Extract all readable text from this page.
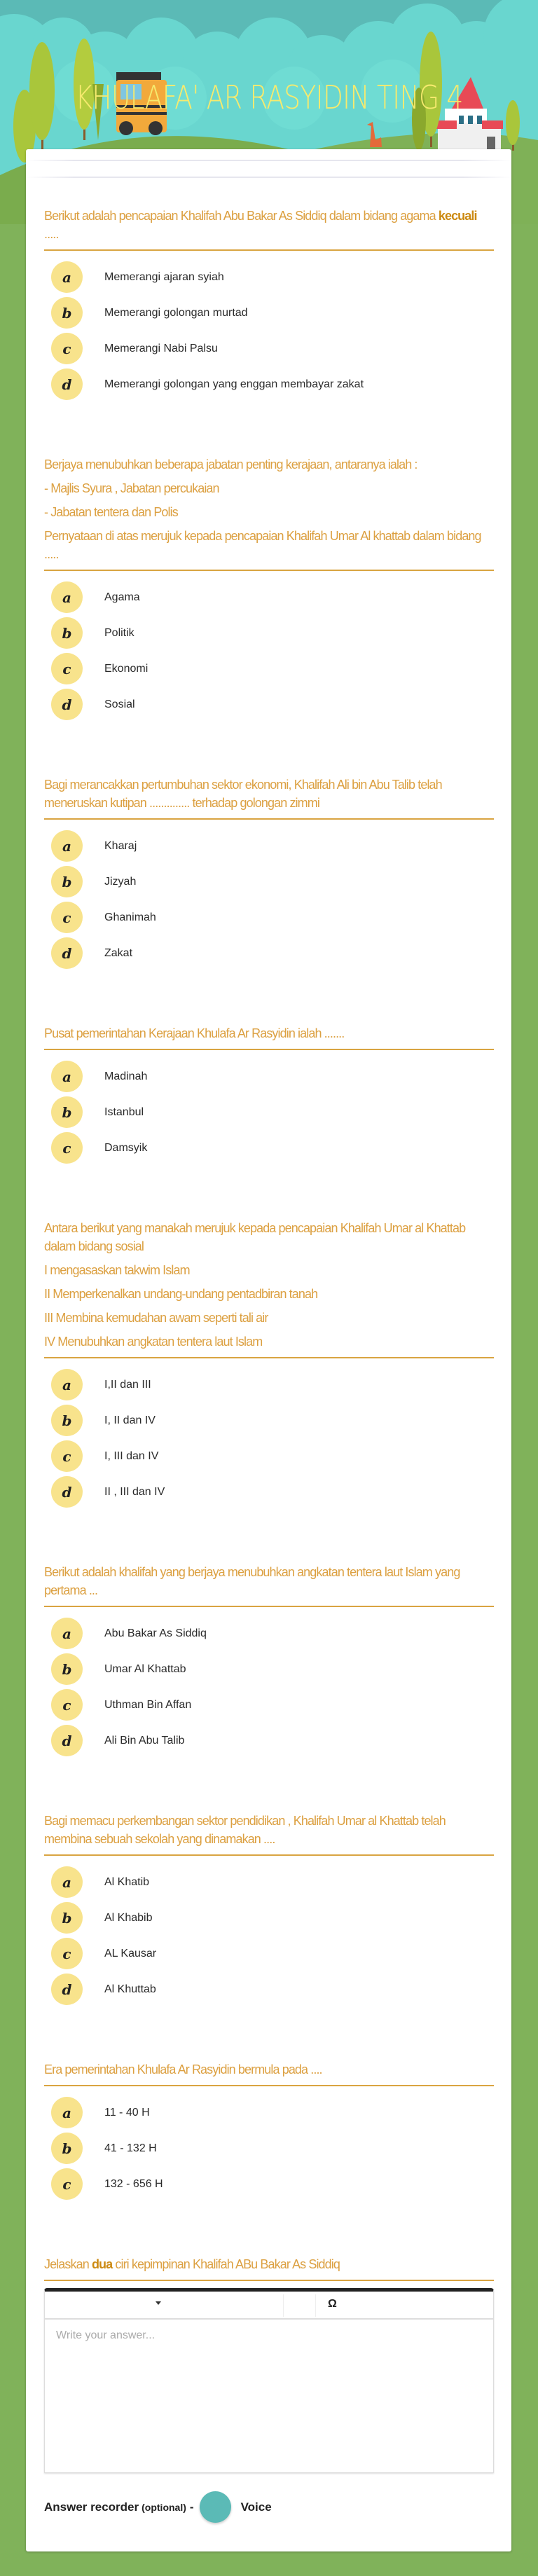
KHULAFA' AR RASYIDIN TING 4

Berikut adalah pencapaian Khalifah Abu Bakar As Siddiq dalam bidang agama kecuali .....

a	Memerangi ajaran syiah
b	Memerangi golongan murtad
c	Memerangi Nabi Palsu
d	Memerangi golongan yang enggan membayar zakat

Berjaya menubuhkan beberapa jabatan penting kerajaan, antaranya ialah :

- Majlis Syura , Jabatan percukaian

- Jabatan tentera dan Polis

Pernyataan di atas merujuk kepada pencapaian Khalifah Umar Al khattab dalam bidang .....

a	Agama
b	Politik
c	Ekonomi
d	Sosial

Bagi merancakkan pertumbuhan sektor ekonomi, Khalifah Ali bin Abu Talib telah meneruskan kutipan .............. terhadap golongan zimmi

a	Kharaj
b	Jizyah
c	Ghanimah
d	Zakat

Pusat pemerintahan Kerajaan Khulafa Ar Rasyidin ialah .......

a	Madinah
b	Istanbul
c	Damsyik

Antara berikut yang manakah merujuk kepada pencapaian Khalifah Umar al Khattab dalam bidang sosial

I mengasaskan takwim Islam

II Memperkenalkan undang-undang pentadbiran tanah

III Membina kemudahan awam seperti tali air

IV Menubuhkan angkatan tentera laut Islam

a	I,II dan III
b	I, II dan IV
c	I, III dan IV
d	II , III dan IV

Berikut adalah khalifah yang berjaya menubuhkan angkatan tentera laut Islam yang pertama ...

a	Abu Bakar As Siddiq
b	Umar Al Khattab
c	Uthman Bin Affan
d	Ali Bin Abu Talib

Bagi memacu perkembangan sektor pendidikan , Khalifah Umar al Khattab telah membina sebuah sekolah yang dinamakan ....

a	Al Khatib
b	Al Khabib
c	AL Kausar
d	Al Khuttab

Era pemerintahan Khulafa Ar Rasyidin bermula pada ....

a	11 - 40 H
b	41 - 132 H
c	132 - 656 H

Jelaskan dua ciri kepimpinan Khalifah ABu Bakar As Siddiq

Ω
Write your answer...
Answer recorder (optional) -	Voice
